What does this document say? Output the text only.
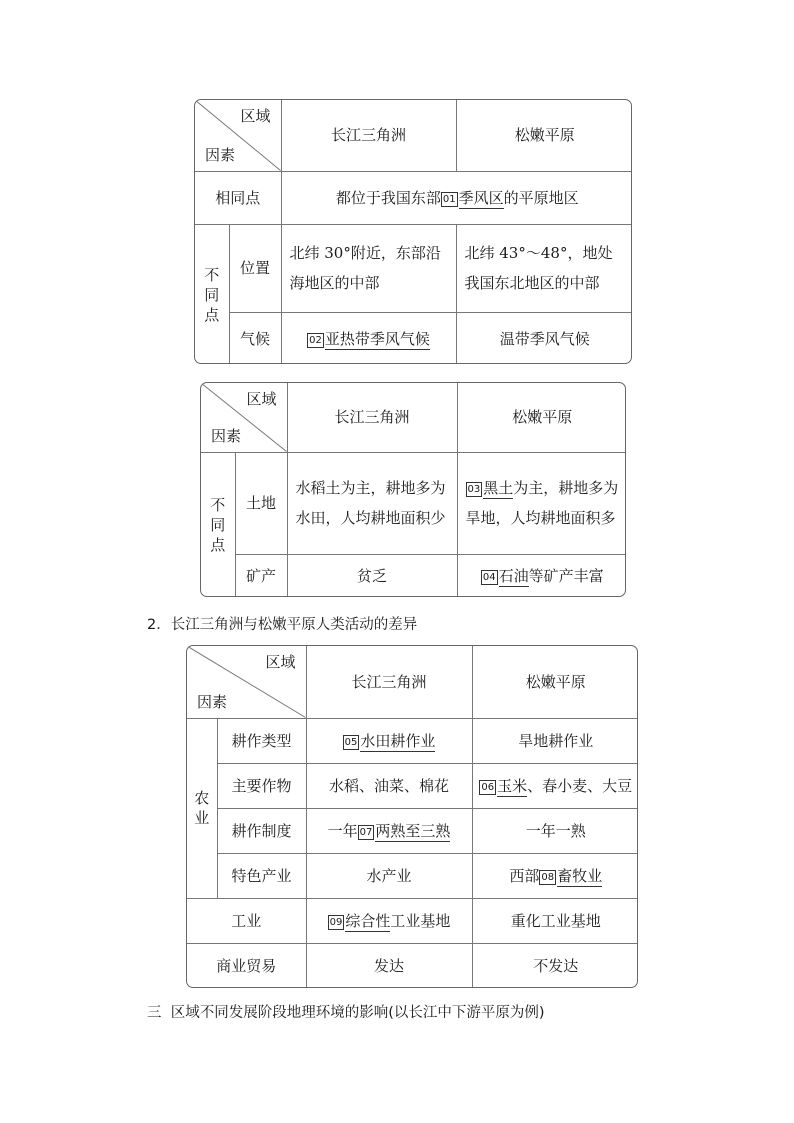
区域
因素		长江三角洲	松嫩平原
相同点		都位于我国东部 01 季风区的平原地区	

不
同
点	位置	北纬 30°附近，东部沿海地区的中部	北纬 43°～48°，地处我国东北地区的中部
	气候	02 亚热带季风气候	温带季风气候
区域
因素		长江三角洲	松嫩平原

不
同
点	土地	水稻土为主，耕地多为水田，人均耕地面积少	03 黑土为主，耕地多为旱地，人均耕地面积多
	矿产	贫乏	04 石油等矿产丰富
2．长江三角洲与松嫩平原人类活动的差异
区域
因素		长江三角洲	松嫩平原

农
业	耕作类型	05 水田耕作业	旱地耕作业
	主要作物	水稻、油菜、棉花	06 玉米、春小麦、大豆
	耕作制度	一年 07 两熟至三熟	一年一熟
	特色产业	水产业	西部 08 畜牧业
工业		09 综合性工业基地	重化工业基地
商业贸易		发达	不发达
三  区域不同发展阶段地理环境的影响(以长江中下游平原为例)
